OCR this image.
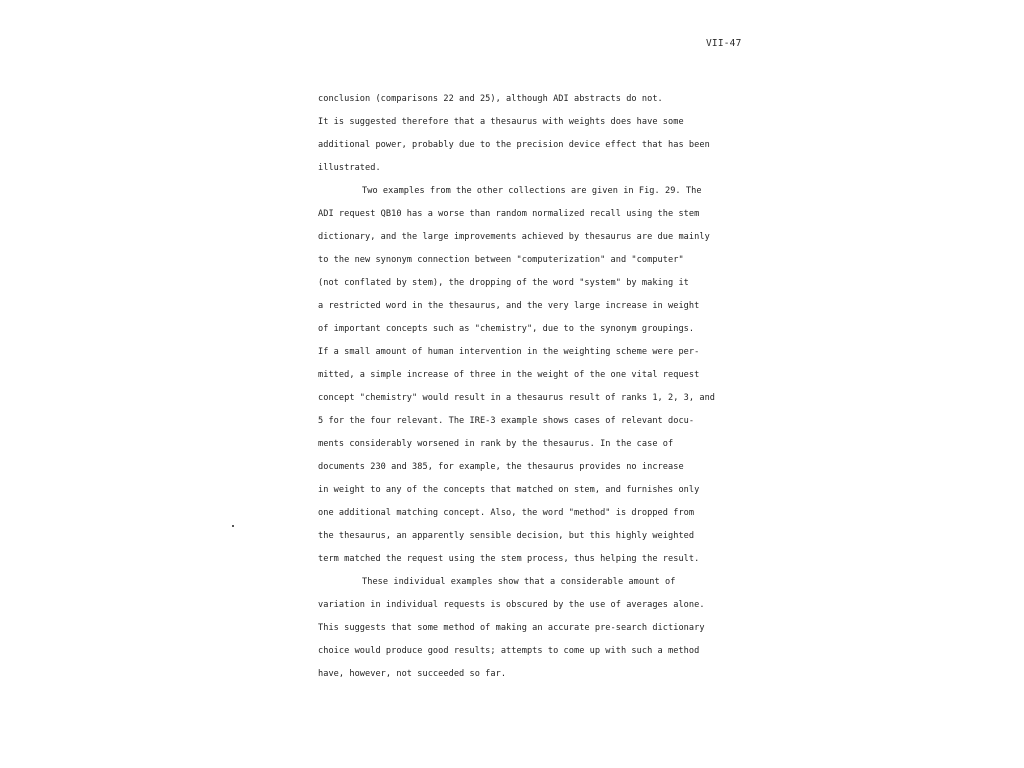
VII-47
conclusion (comparisons 22 and 25), although ADI abstracts do not.
It is suggested therefore that a thesaurus with weights does have some
additional power, probably due to the precision device effect that has been
illustrated.
Two examples from the other collections are given in Fig. 29. The
ADI request QB10 has a worse than random normalized recall using the stem
dictionary, and the large improvements achieved by thesaurus are due mainly
to the new synonym connection between "computerization" and "computer"
(not conflated by stem), the dropping of the word "system" by making it
a restricted word in the thesaurus, and the very large increase in weight
of important concepts such as "chemistry", due to the synonym groupings.
If a small amount of human intervention in the weighting scheme were per-
mitted, a simple increase of three in the weight of the one vital request
concept "chemistry" would result in a thesaurus result of ranks 1, 2, 3, and
5 for the four relevant. The IRE-3 example shows cases of relevant docu-
ments considerably worsened in rank by the thesaurus. In the case of
documents 230 and 385, for example, the thesaurus provides no increase
in weight to any of the concepts that matched on stem, and furnishes only
one additional matching concept. Also, the word "method" is dropped from
the thesaurus, an apparently sensible decision, but this highly weighted
term matched the request using the stem process, thus helping the result.
These individual examples show that a considerable amount of
variation in individual requests is obscured by the use of averages alone.
This suggests that some method of making an accurate pre-search dictionary
choice would produce good results; attempts to come up with such a method
have, however, not succeeded so far.
